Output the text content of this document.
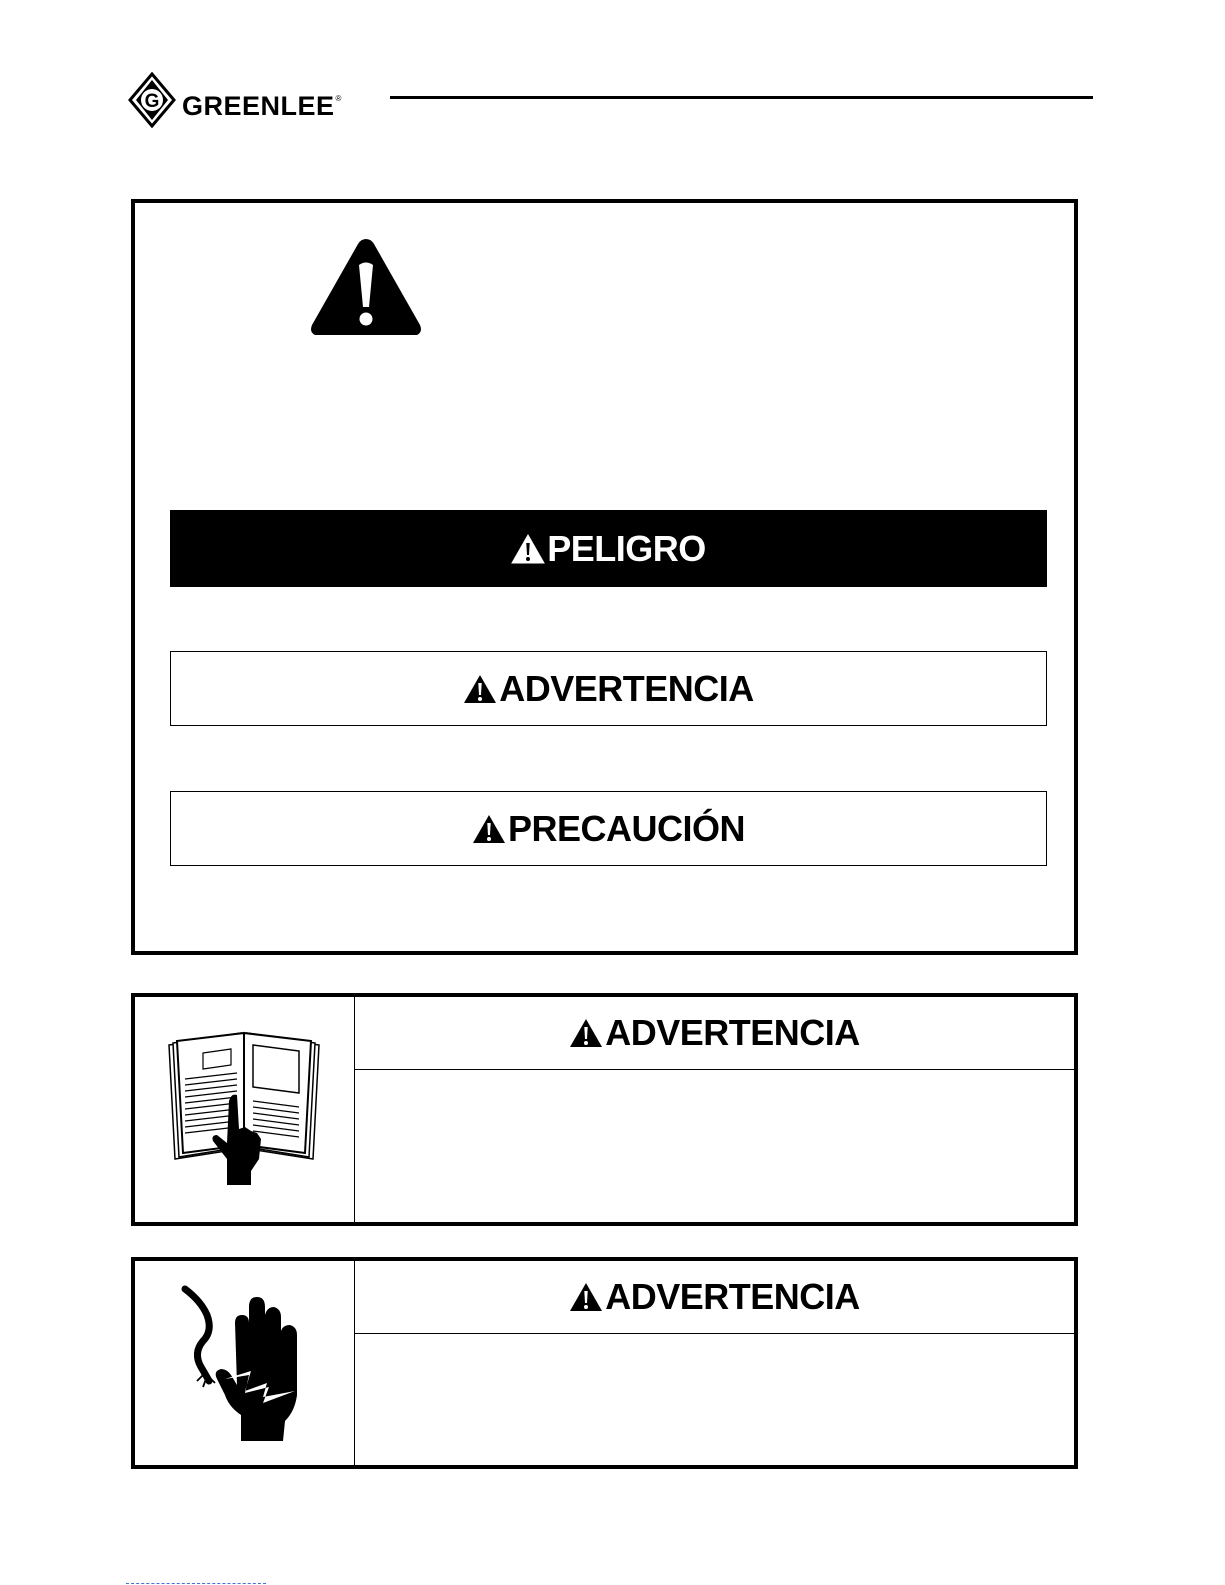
G GREENLEE®
PELIGRO
ADVERTENCIA
PRECAUCIÓN
ADVERTENCIA
ADVERTENCIA
